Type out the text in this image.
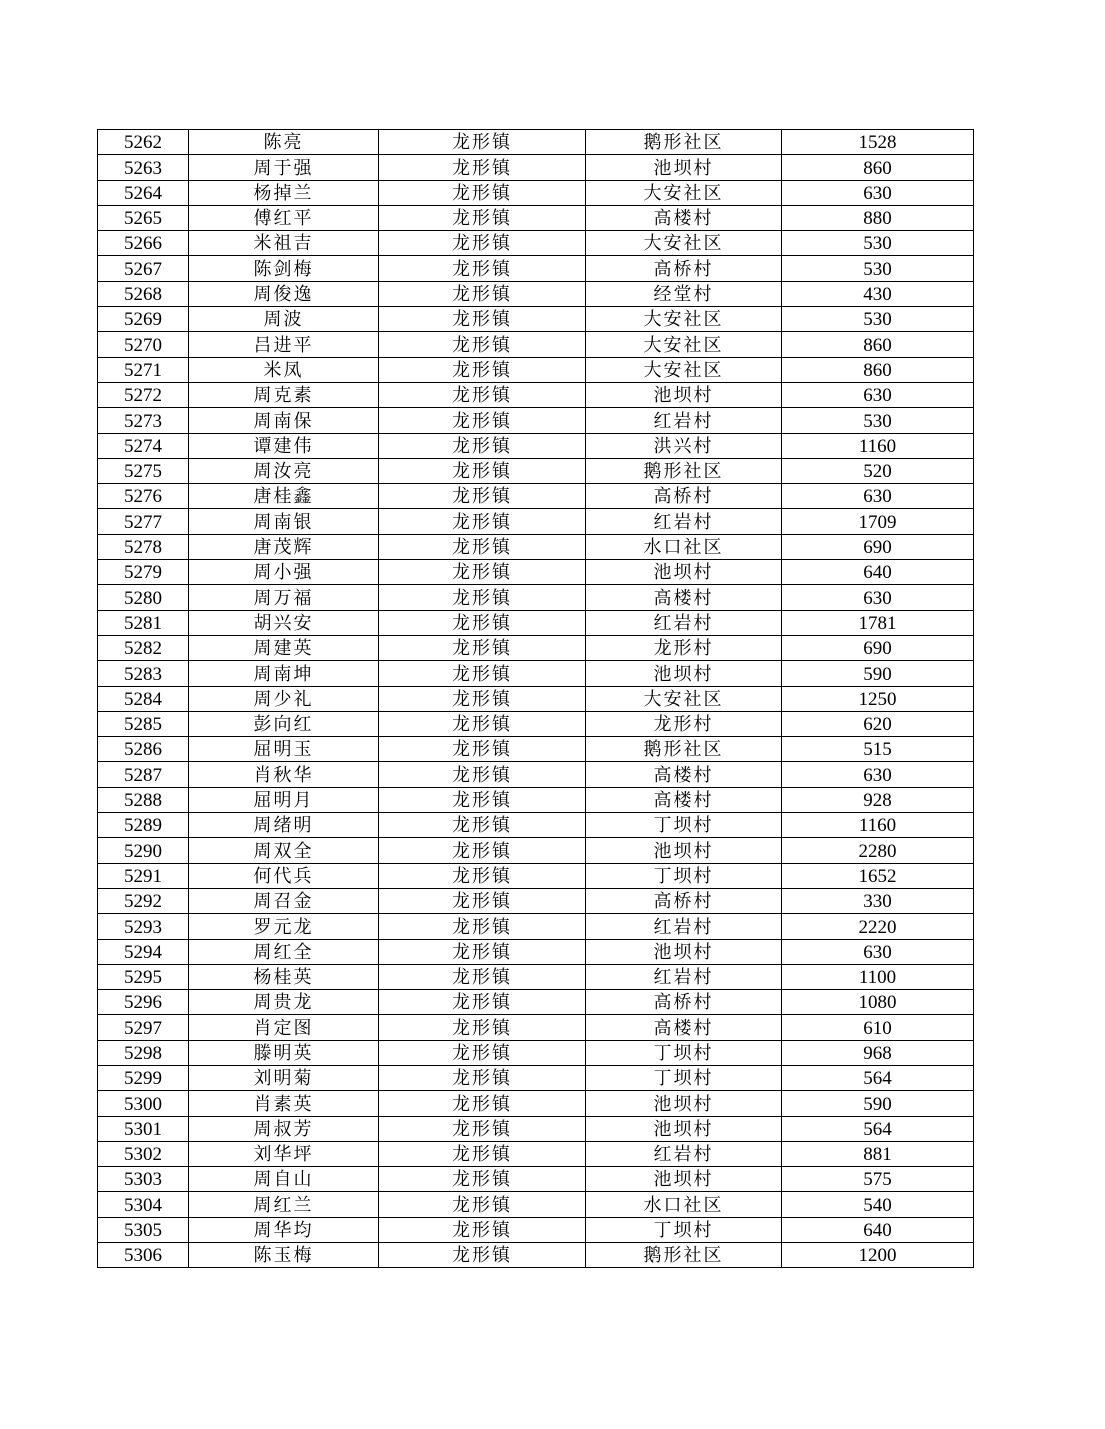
5262	陈亮	龙形镇	鹅形社区	1528
5263	周于强	龙形镇	池坝村	860
5264	杨掉兰	龙形镇	大安社区	630
5265	傅红平	龙形镇	高楼村	880
5266	米祖吉	龙形镇	大安社区	530
5267	陈剑梅	龙形镇	高桥村	530
5268	周俊逸	龙形镇	经堂村	430
5269	周波	龙形镇	大安社区	530
5270	吕进平	龙形镇	大安社区	860
5271	米凤	龙形镇	大安社区	860
5272	周克素	龙形镇	池坝村	630
5273	周南保	龙形镇	红岩村	530
5274	谭建伟	龙形镇	洪兴村	1160
5275	周汝亮	龙形镇	鹅形社区	520
5276	唐桂鑫	龙形镇	高桥村	630
5277	周南银	龙形镇	红岩村	1709
5278	唐茂辉	龙形镇	水口社区	690
5279	周小强	龙形镇	池坝村	640
5280	周万福	龙形镇	高楼村	630
5281	胡兴安	龙形镇	红岩村	1781
5282	周建英	龙形镇	龙形村	690
5283	周南坤	龙形镇	池坝村	590
5284	周少礼	龙形镇	大安社区	1250
5285	彭向红	龙形镇	龙形村	620
5286	屈明玉	龙形镇	鹅形社区	515
5287	肖秋华	龙形镇	高楼村	630
5288	屈明月	龙形镇	高楼村	928
5289	周绪明	龙形镇	丁坝村	1160
5290	周双全	龙形镇	池坝村	2280
5291	何代兵	龙形镇	丁坝村	1652
5292	周召金	龙形镇	高桥村	330
5293	罗元龙	龙形镇	红岩村	2220
5294	周红全	龙形镇	池坝村	630
5295	杨桂英	龙形镇	红岩村	1100
5296	周贵龙	龙形镇	高桥村	1080
5297	肖定图	龙形镇	高楼村	610
5298	滕明英	龙形镇	丁坝村	968
5299	刘明菊	龙形镇	丁坝村	564
5300	肖素英	龙形镇	池坝村	590
5301	周叔芳	龙形镇	池坝村	564
5302	刘华坪	龙形镇	红岩村	881
5303	周自山	龙形镇	池坝村	575
5304	周红兰	龙形镇	水口社区	540
5305	周华均	龙形镇	丁坝村	640
5306	陈玉梅	龙形镇	鹅形社区	1200
